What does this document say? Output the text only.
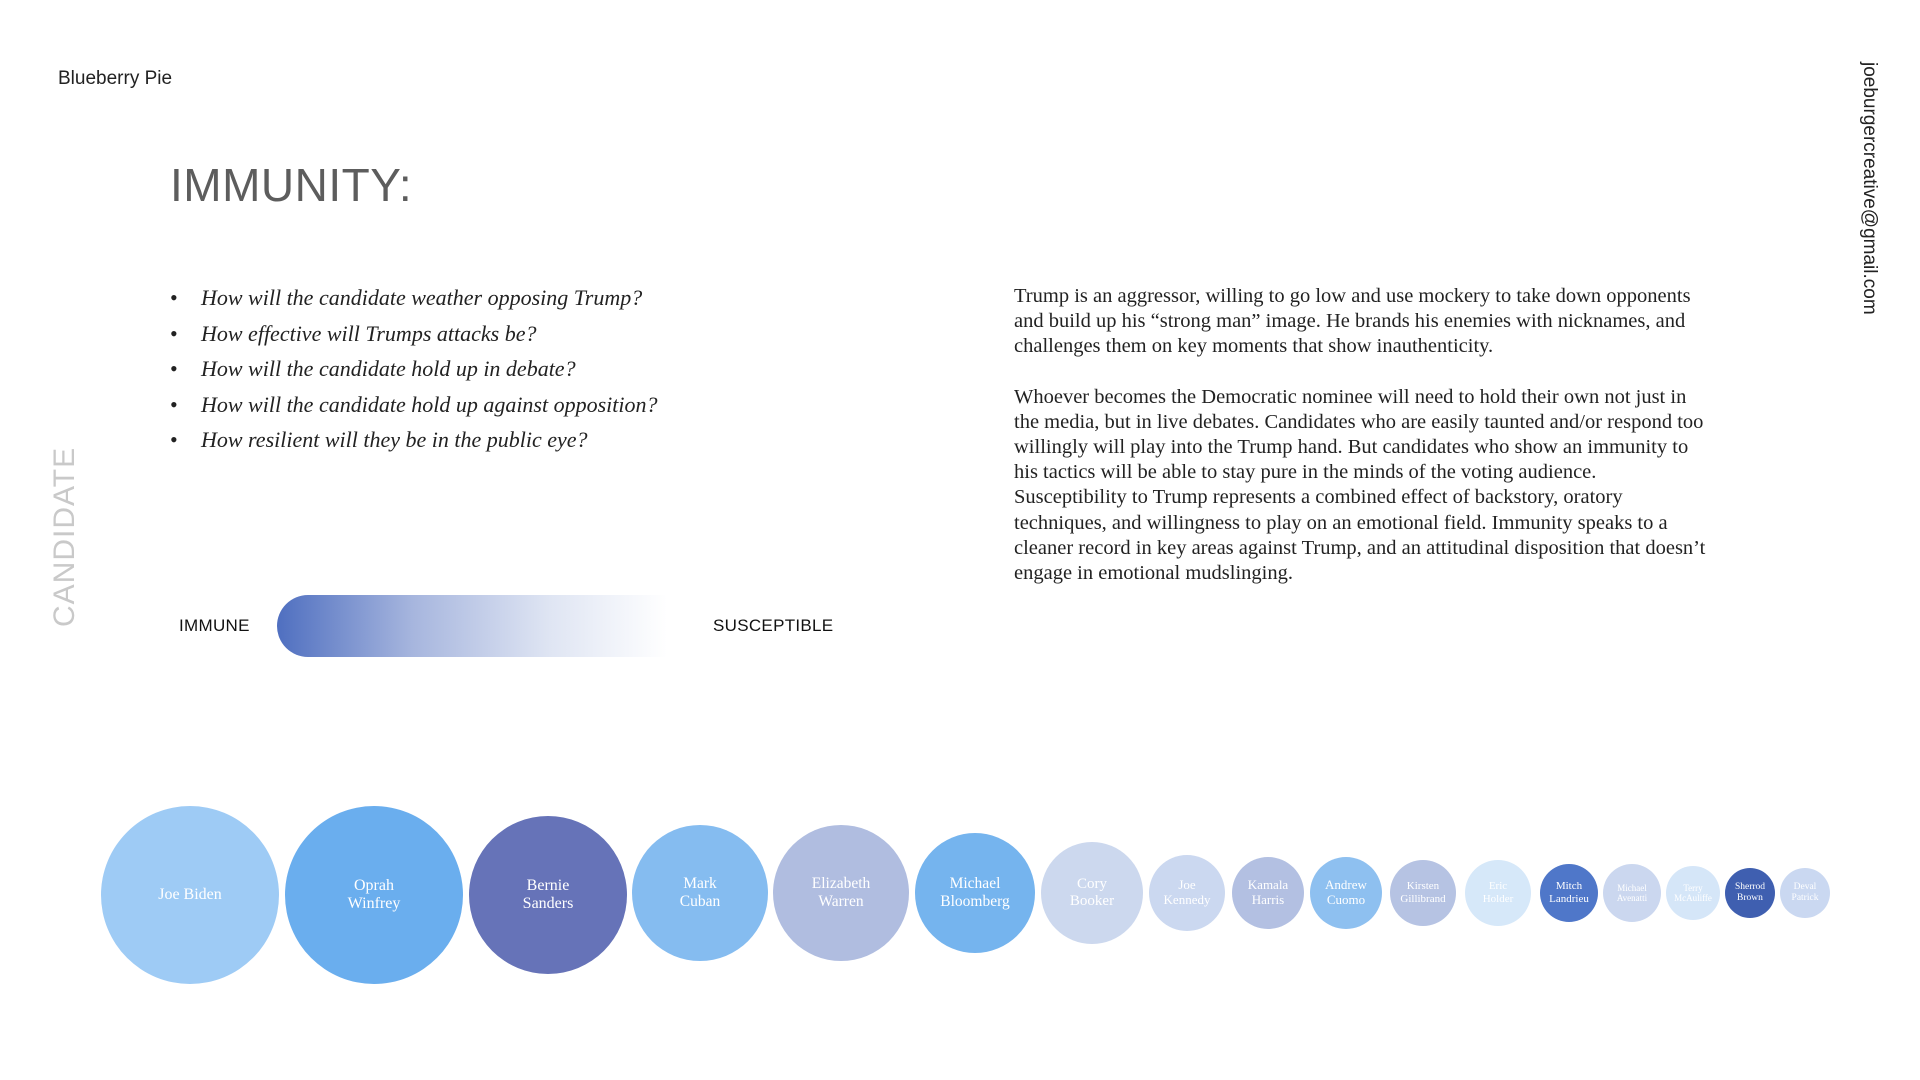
Blueberry Pie	joeburgercreative@gmail.com
CANDIDATE
IMMUNITY:
• How will the candidate weather opposing Trump?
• How effective will Trumps attacks be?
• How will the candidate hold up in debate?
• How will the candidate hold up against opposition?
• How resilient will they be in the public eye?

Trump is an aggressor, willing to go low and use mockery to take down opponents and build up his “strong man” image. He brands his enemies with nicknames, and challenges them on key moments that show inauthenticity.

Whoever becomes the Democratic nominee will need to hold their own not just in the media, but in live debates. Candidates who are easily taunted and/or respond too willingly will play into the Trump hand. But candidates who show an immunity to his tactics will be able to stay pure in the minds of the voting audience. Susceptibility to Trump represents a combined effect of backstory, oratory techniques, and willingness to play on an emotional field. Immunity speaks to a cleaner record in key areas against Trump, and an attitudinal disposition that doesn’t engage in emotional mudslinging.

IMMUNE	SUSCEPTIBLE
Joe Biden
Oprah
Winfrey
Bernie
Sanders
Mark
Cuban
Elizabeth
Warren
Michael
Bloomberg
Cory
Booker
Joe
Kennedy
Kamala
Harris
Andrew
Cuomo
Kirsten
Gillibrand
Eric
Holder
Mitch
Landrieu
Michael
Avenatti
Terry
McAuliffe
Sherrod
Brown
Deval
Patrick
